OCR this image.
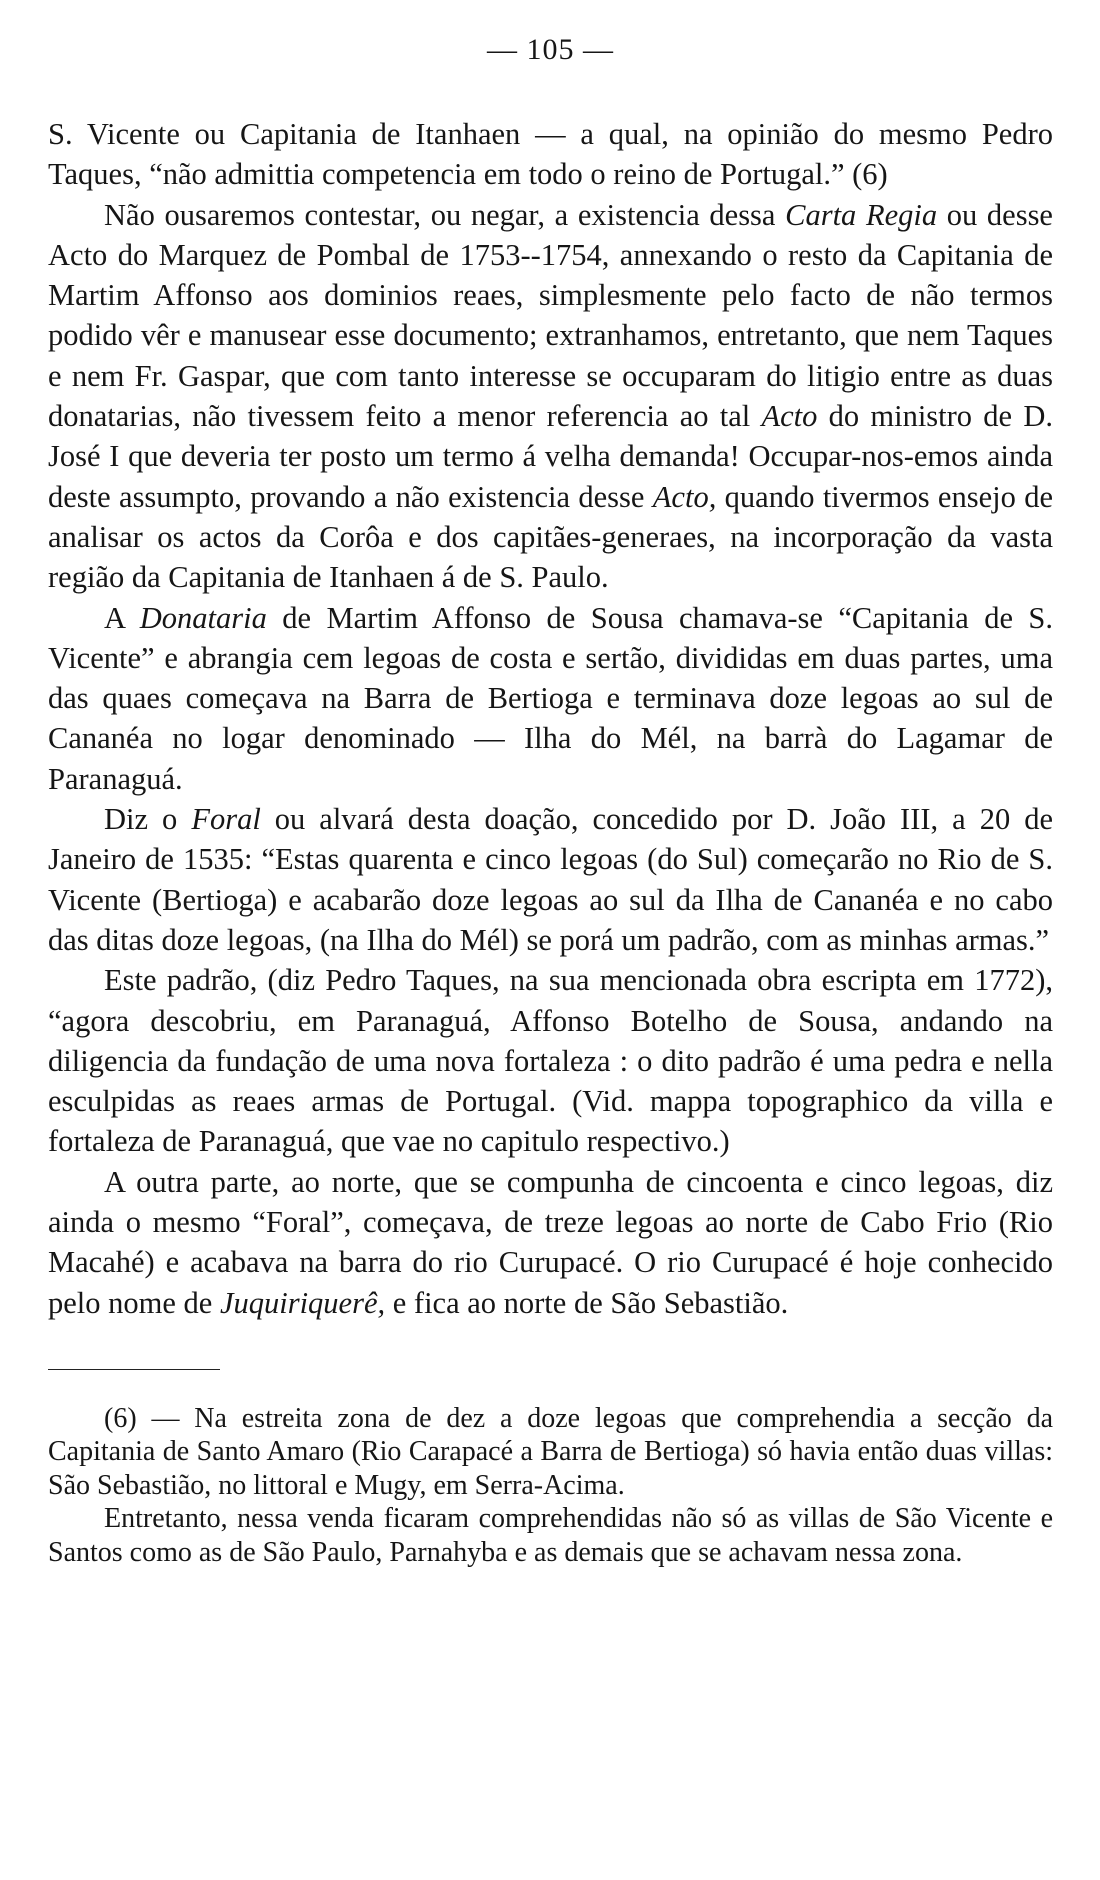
— 105 —

S. Vicente ou Capitania de Itanhaen — a qual, na opinião do mesmo Pedro Taques, “não admittia competencia em todo o reino de Portugal.” (6)

Não ousaremos contestar, ou negar, a existencia dessa Carta Regia ou desse Acto do Marquez de Pombal de 1753--1754, annexando o resto da Capitania de Martim Affonso aos dominios reaes, simplesmente pelo facto de não termos podido vêr e manusear esse documento; extranhamos, entretanto, que nem Taques e nem Fr. Gaspar, que com tanto interesse se occuparam do litigio entre as duas donatarias, não tivessem feito a menor referencia ao tal Acto do ministro de D. José I que deveria ter posto um termo á velha demanda! Occupar-nos-emos ainda deste assumpto, provando a não existencia desse Acto, quando tivermos ensejo de analisar os actos da Corôa e dos capitães-generaes, na incorporação da vasta região da Capitania de Itanhaen á de S. Paulo.

A Donataria de Martim Affonso de Sousa chamava-se “Capitania de S. Vicente” e abrangia cem legoas de costa e sertão, divididas em duas partes, uma das quaes começava na Barra de Bertioga e terminava doze legoas ao sul de Cananéa no logar denominado — Ilha do Mél, na barrà do Lagamar de Paranaguá.

Diz o Foral ou alvará desta doação, concedido por D. João III, a 20 de Janeiro de 1535: “Estas quarenta e cinco legoas (do Sul) começarão no Rio de S. Vicente (Bertioga) e acabarão doze legoas ao sul da Ilha de Cananéa e no cabo das ditas doze legoas, (na Ilha do Mél) se porá um padrão, com as minhas armas.”

Este padrão, (diz Pedro Taques, na sua mencionada obra escripta em 1772), “agora descobriu, em Paranaguá, Affonso Botelho de Sousa, andando na diligencia da fundação de uma nova fortaleza : o dito padrão é uma pedra e nella esculpidas as reaes armas de Portugal. (Vid. mappa topographico da villa e fortaleza de Paranaguá, que vae no capitulo respectivo.)

A outra parte, ao norte, que se compunha de cincoenta e cinco legoas, diz ainda o mesmo “Foral”, começava, de treze legoas ao norte de Cabo Frio (Rio Macahé) e acabava na barra do rio Curupacé. O rio Curupacé é hoje conhecido pelo nome de Juquiriquerê, e fica ao norte de São Sebastião.

(6) — Na estreita zona de dez a doze legoas que comprehendia a secção da Capitania de Santo Amaro (Rio Carapacé a Barra de Bertioga) só havia então duas villas: São Sebastião, no littoral e Mugy, em Serra-Acima.

Entretanto, nessa venda ficaram comprehendidas não só as villas de São Vicente e Santos como as de São Paulo, Parnahyba e as demais que se achavam nessa zona.
